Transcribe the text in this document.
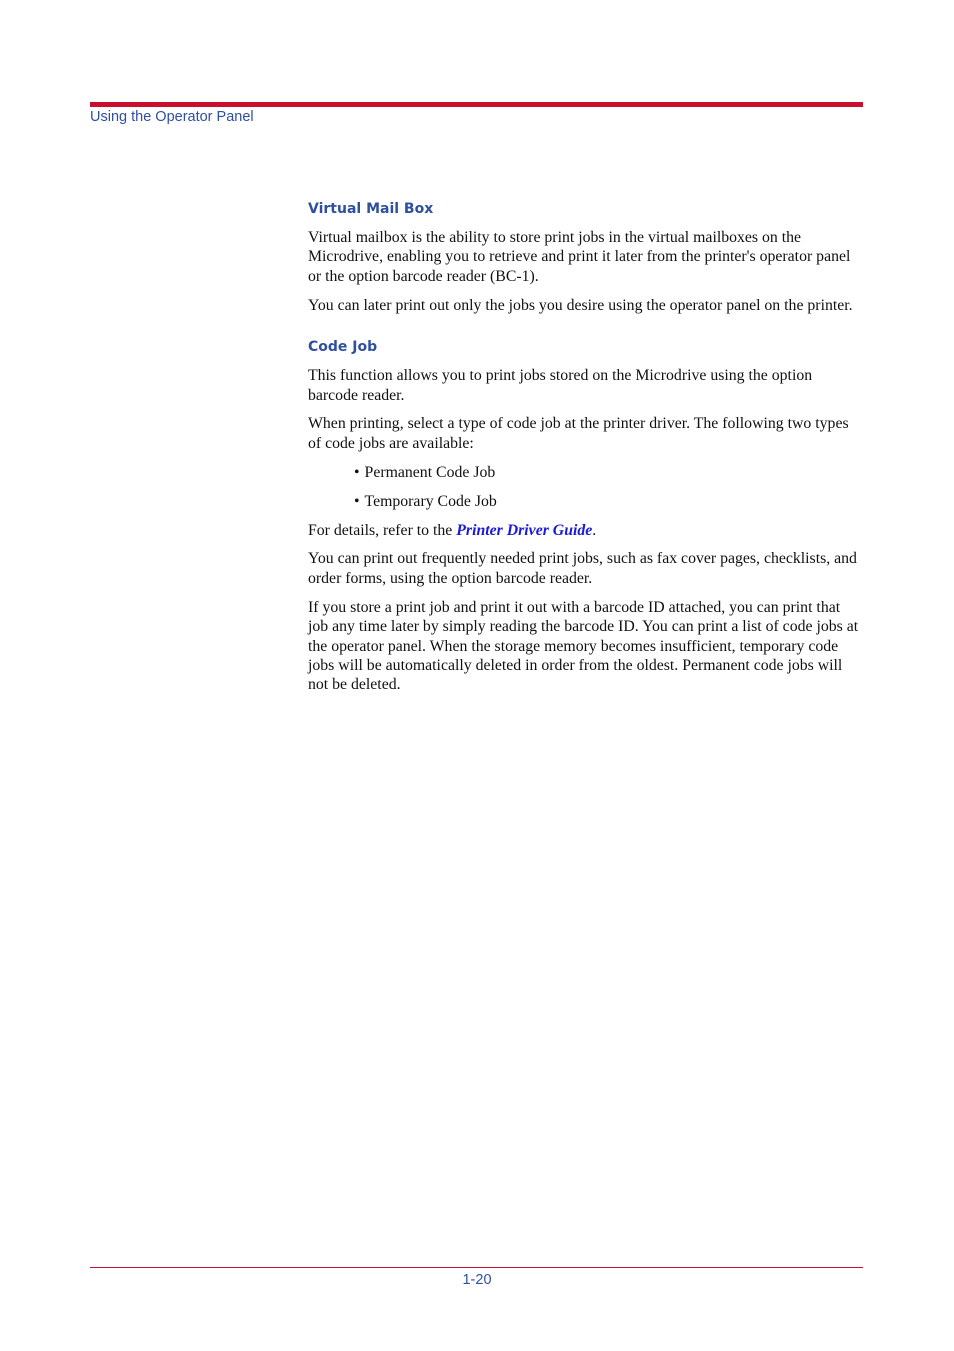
Using the Operator Panel
Virtual Mail Box

Virtual mailbox is the ability to store print jobs in the virtual mailboxes on the Microdrive, enabling you to retrieve and print it later from the printer's operator panel or the option barcode reader (BC-1).

You can later print out only the jobs you desire using the operator panel on the printer.

Code Job

This function allows you to print jobs stored on the Microdrive using the option barcode reader.

When printing, select a type of code job at the printer driver. The following two types of code jobs are available:

• Permanent Code Job
• Temporary Code Job

For details, refer to the Printer Driver Guide.

You can print out frequently needed print jobs, such as fax cover pages, checklists, and order forms, using the option barcode reader.

If you store a print job and print it out with a barcode ID attached, you can print that job any time later by simply reading the barcode ID. You can print a list of code jobs at the operator panel. When the storage memory becomes insufficient, temporary code jobs will be automatically deleted in order from the oldest. Permanent code jobs will not be deleted.

1-20
